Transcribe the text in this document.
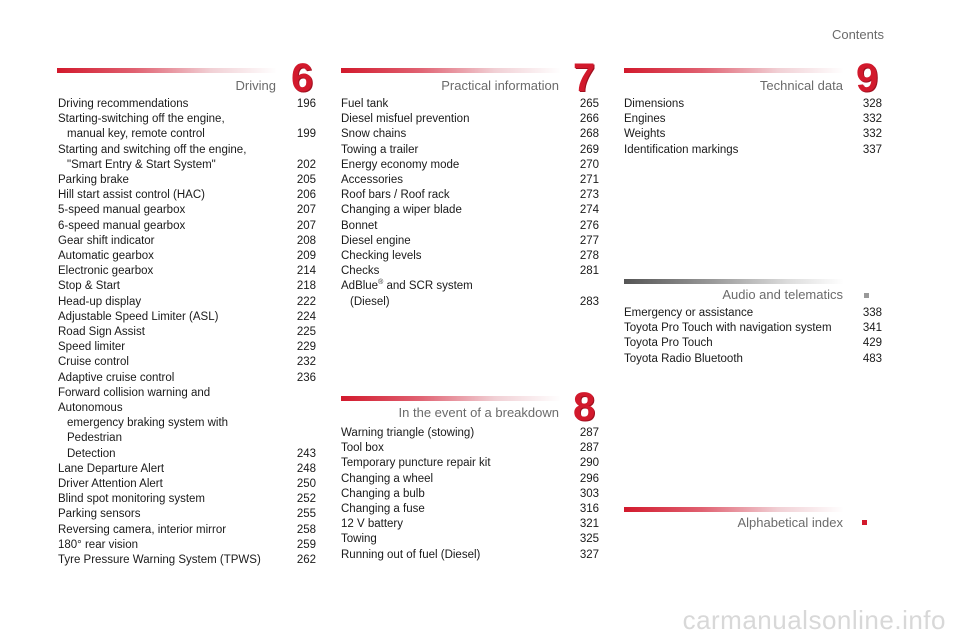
Contents
Driving 6
Driving recommendations	196
Starting-switching off the engine,
manual key, remote control	199
Starting and switching off the engine,
"Smart Entry & Start System"	202
Parking brake	205
Hill start assist control (HAC)	206
5-speed manual gearbox	207
6-speed manual gearbox	207
Gear shift indicator	208
Automatic gearbox	209
Electronic gearbox	214
Stop & Start	218
Head-up display	222
Adjustable Speed Limiter (ASL)	224
Road Sign Assist	225
Speed limiter	229
Cruise control	232
Adaptive cruise control	236
Forward collision warning and Autonomous
emergency braking system with Pedestrian
Detection	243
Lane Departure Alert	248
Driver Attention Alert	250
Blind spot monitoring system	252
Parking sensors	255
Reversing camera, interior mirror	258
180° rear vision	259
Tyre Pressure Warning System (TPWS)	262
Practical information 7
Fuel tank	265
Diesel misfuel prevention	266
Snow chains	268
Towing a trailer	269
Energy economy mode	270
Accessories	271
Roof bars / Roof rack	273
Changing a wiper blade	274
Bonnet	276
Diesel engine	277
Checking levels	278
Checks	281
AdBlue® and SCR system
(Diesel)	283
In the event of a breakdown 8
Warning triangle (stowing)	287
Tool box	287
Temporary puncture repair kit	290
Changing a wheel	296
Changing a bulb	303
Changing a fuse	316
12 V battery	321
Towing	325
Running out of fuel (Diesel)	327
Technical data 9
Dimensions	328
Engines	332
Weights	332
Identification markings	337
Audio and telematics
Emergency or assistance	338
Toyota Pro Touch with navigation system	341
Toyota Pro Touch	429
Toyota Radio Bluetooth	483
Alphabetical index
carmanualsonline.info
